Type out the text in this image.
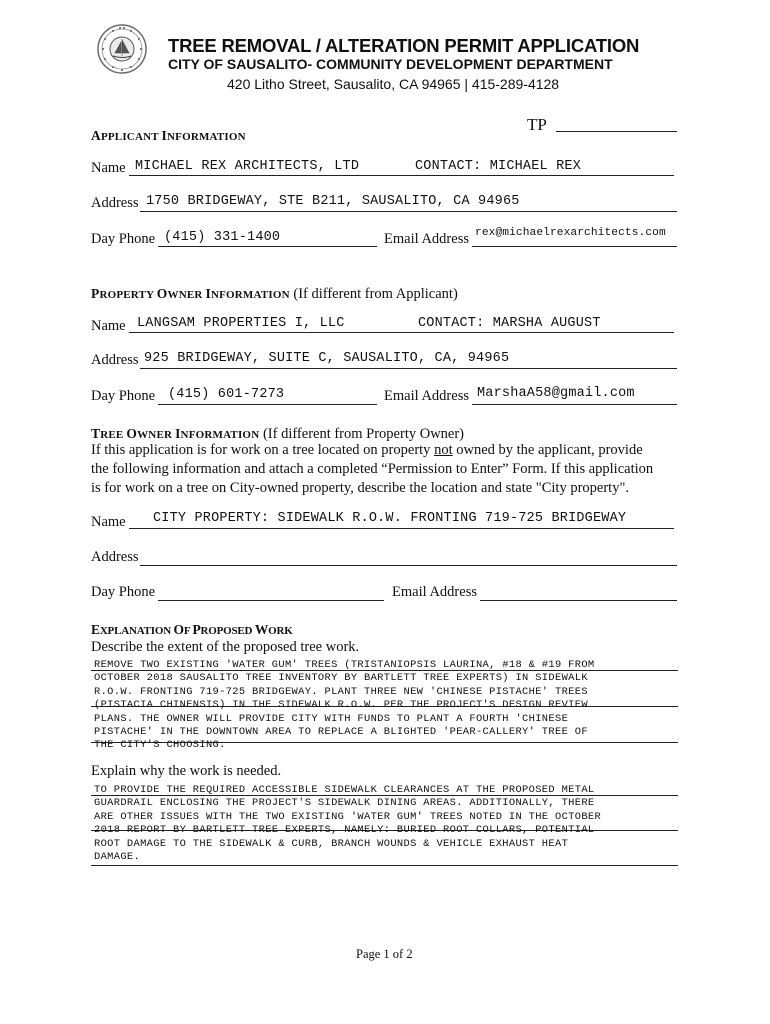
TREE REMOVAL / ALTERATION PERMIT APPLICATION
CITY OF SAUSALITO- COMMUNITY DEVELOPMENT DEPARTMENT
420 Litho Street, Sausalito, CA 94965 | 415-289-4128
TP
APPLICANT INFORMATION
Name MICHAEL REX ARCHITECTS, LTD	CONTACT: MICHAEL REX
Address 1750 BRIDGEWAY, STE B211, SAUSALITO, CA 94965
Day Phone (415) 331-1400	Email Address rex@michaelrexarchitects.com
PROPERTY OWNER INFORMATION (If different from Applicant)
Name LANGSAM PROPERTIES I, LLC	CONTACT: MARSHA AUGUST
Address 925 BRIDGEWAY, SUITE C, SAUSALITO, CA, 94965
Day Phone (415) 601-7273	Email Address MarshaA58@gmail.com
TREE OWNER INFORMATION (If different from Property Owner)
If this application is for work on a tree located on property not owned by the applicant, provide
the following information and attach a completed “Permission to Enter” Form. If this application
is for work on a tree on City-owned property, describe the location and state "City property".
Name CITY PROPERTY: SIDEWALK R.O.W. FRONTING 719-725 BRIDGEWAY
Address
Day Phone	Email Address
EXPLANATION OF PROPOSED WORK
Describe the extent of the proposed tree work.
REMOVE TWO EXISTING 'WATER GUM' TREES (TRISTANIOPSIS LAURINA, #18 & #19 FROM
OCTOBER 2018 SAUSALITO TREE INVENTORY BY BARTLETT TREE EXPERTS) IN SIDEWALK
R.O.W. FRONTING 719-725 BRIDGEWAY. PLANT THREE NEW 'CHINESE PISTACHE' TREES
(PISTACIA CHINENSIS) IN THE SIDEWALK R.O.W. PER THE PROJECT'S DESIGN REVIEW
PLANS. THE OWNER WILL PROVIDE CITY WITH FUNDS TO PLANT A FOURTH 'CHINESE
PISTACHE' IN THE DOWNTOWN AREA TO REPLACE A BLIGHTED 'PEAR-CALLERY' TREE OF
THE CITY'S CHOOSING.
Explain why the work is needed.
TO PROVIDE THE REQUIRED ACCESSIBLE SIDEWALK CLEARANCES AT THE PROPOSED METAL
GUARDRAIL ENCLOSING THE PROJECT'S SIDEWALK DINING AREAS. ADDITIONALLY, THERE
ARE OTHER ISSUES WITH THE TWO EXISTING 'WATER GUM' TREES NOTED IN THE OCTOBER
2018 REPORT BY BARTLETT TREE EXPERTS, NAMELY: BURIED ROOT COLLARS, POTENTIAL
ROOT DAMAGE TO THE SIDEWALK & CURB, BRANCH WOUNDS & VEHICLE EXHAUST HEAT
DAMAGE.
Page 1 of 2
